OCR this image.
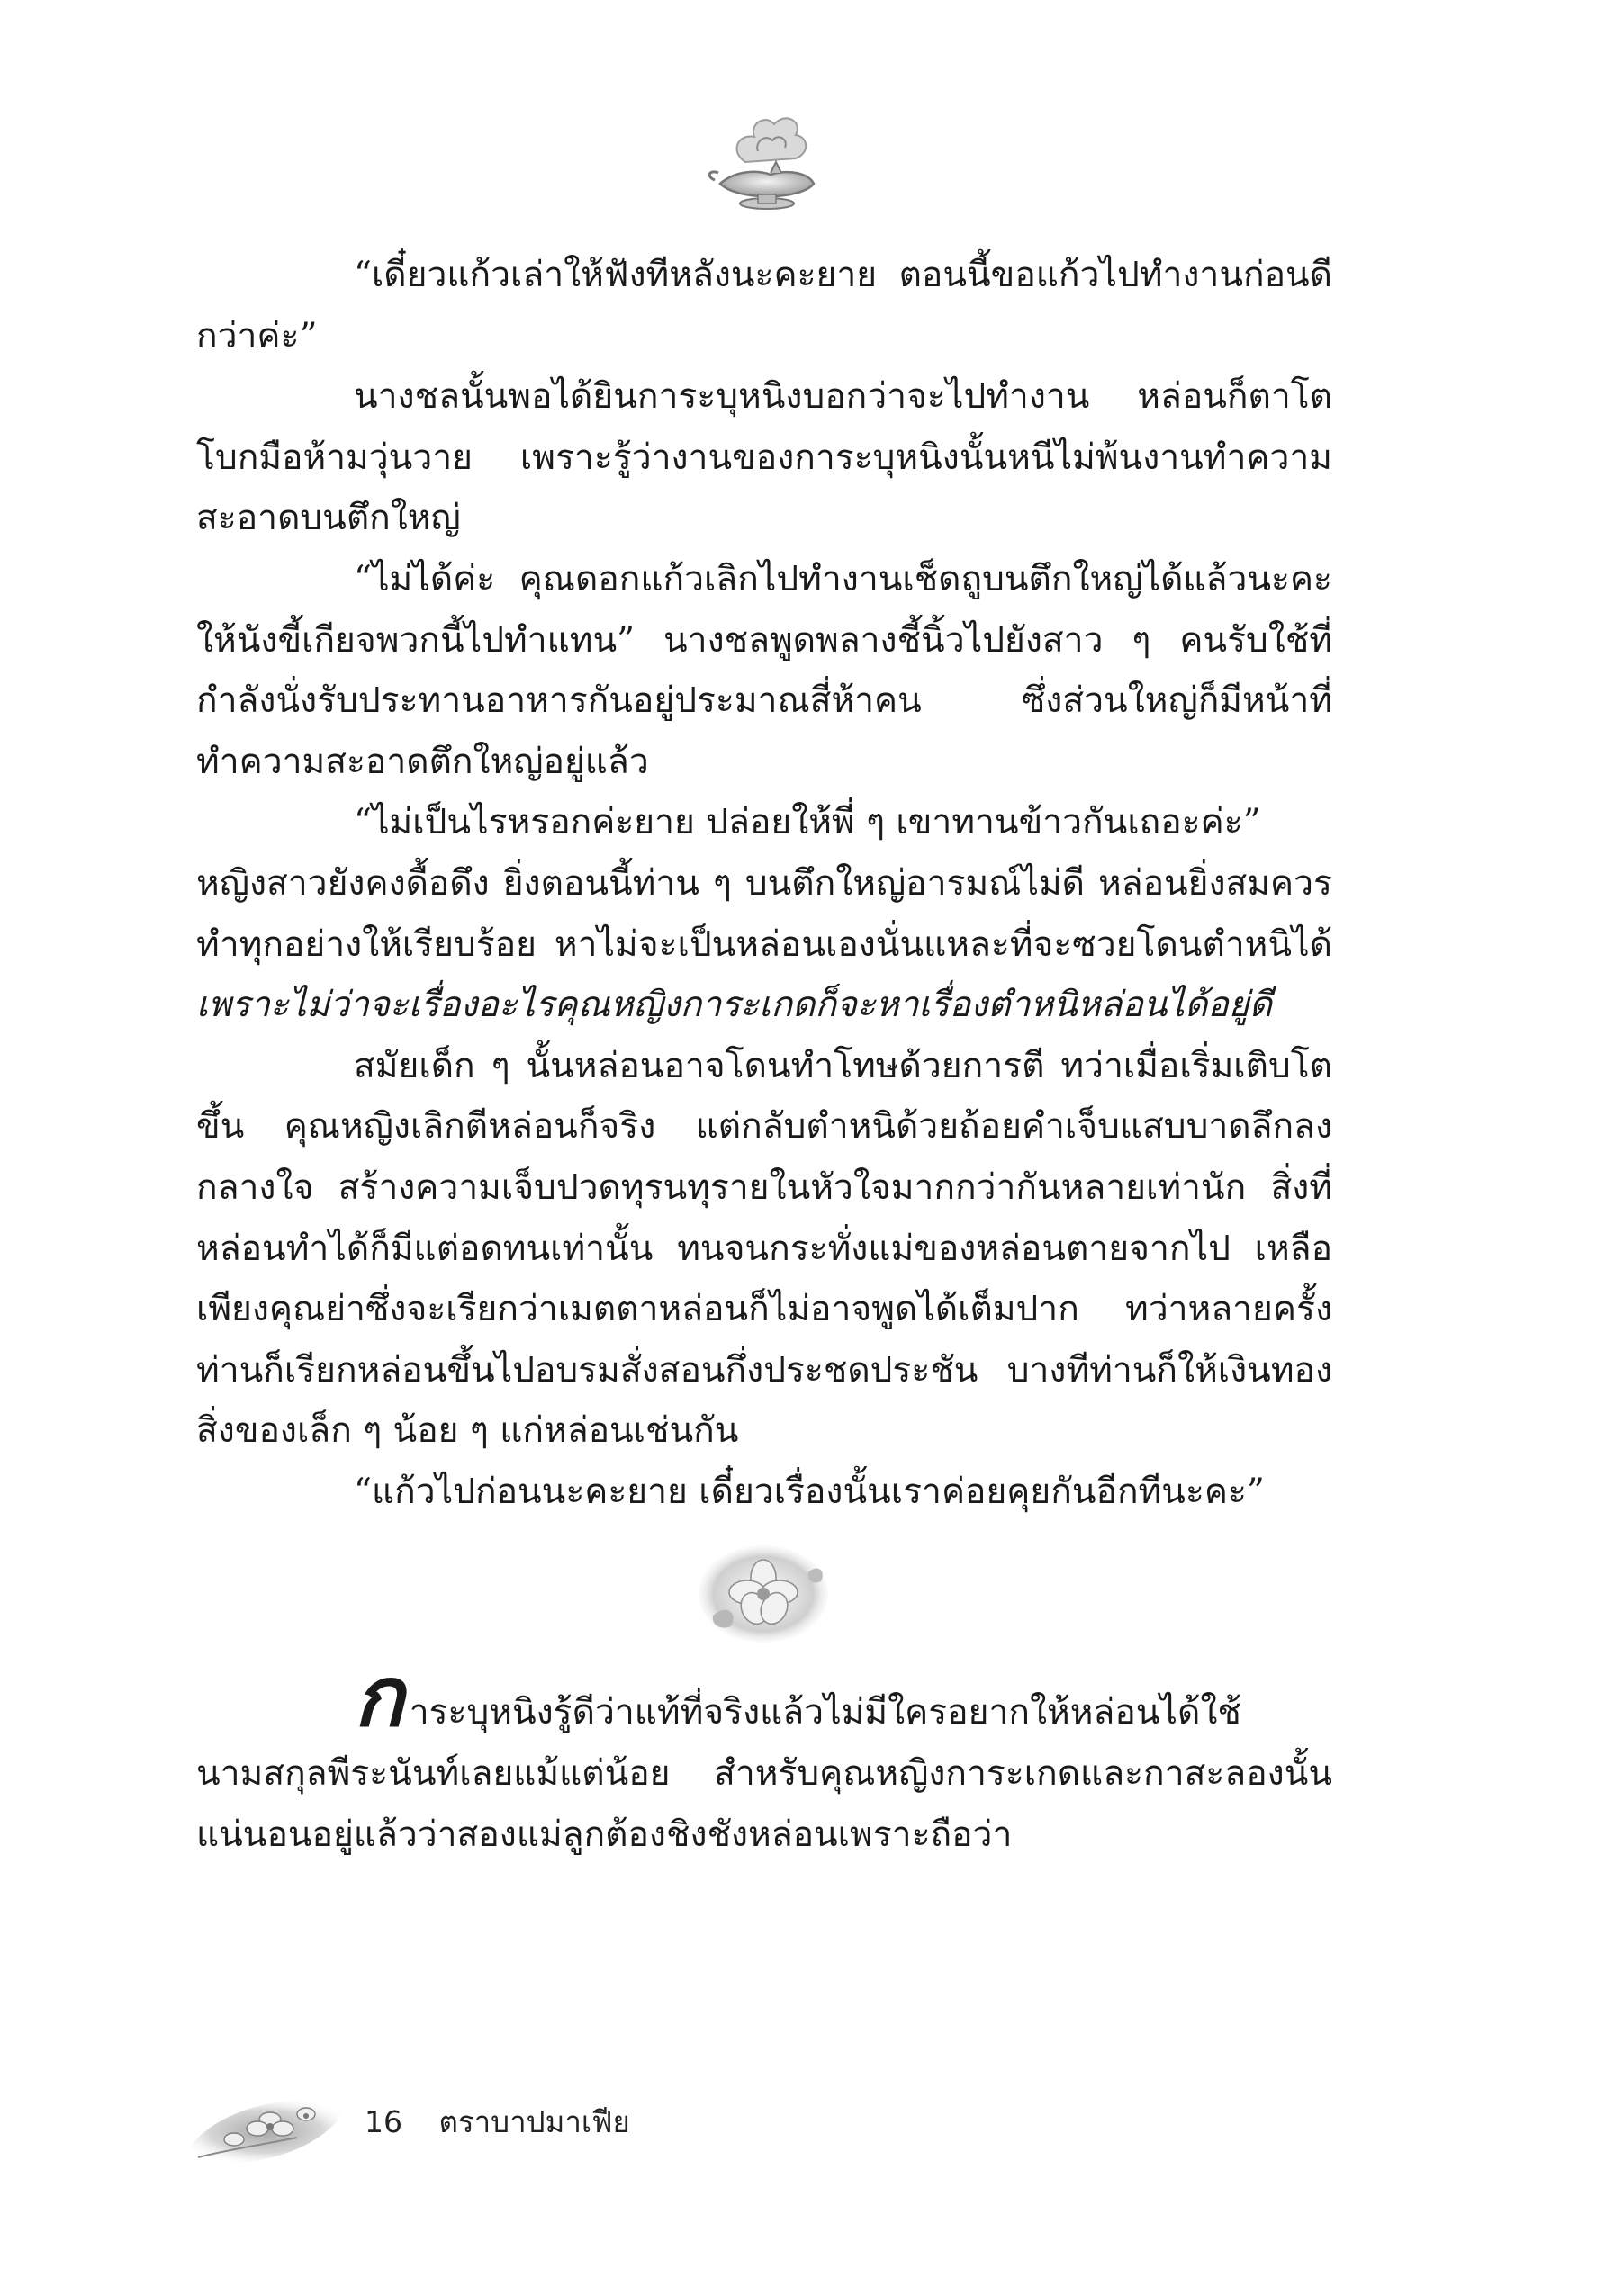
“เดี๋ยวแก้วเล่าให้ฟังทีหลังนะคะยาย ตอนนี้ขอแก้วไปทำงานก่อนดีกว่าค่ะ”

นางชลนั้นพอได้ยินการะบุหนิงบอกว่าจะไปทำงาน หล่อนก็ตาโต โบกมือห้ามวุ่นวาย เพราะรู้ว่างานของการะบุหนิงนั้นหนีไม่พ้นงานทำความสะอาดบนตึกใหญ่

“ไม่ได้ค่ะ คุณดอกแก้วเลิกไปทำงานเช็ดถูบนตึกใหญ่ได้แล้วนะคะ ให้นังขี้เกียจพวกนี้ไปทำแทน” นางชลพูดพลางชี้นิ้วไปยังสาว ๆ คนรับใช้ที่กำลังนั่งรับประทานอาหารกันอยู่ประมาณสี่ห้าคน ซึ่งส่วนใหญ่ก็มีหน้าที่ทำความสะอาดตึกใหญ่อยู่แล้ว

“ไม่เป็นไรหรอกค่ะยาย ปล่อยให้พี่ ๆ เขาทานข้าวกันเถอะค่ะ”

หญิงสาวยังคงดื้อดึง ยิ่งตอนนี้ท่าน ๆ บนตึกใหญ่อารมณ์ไม่ดี หล่อนยิ่งสมควรทำทุกอย่างให้เรียบร้อย หาไม่จะเป็นหล่อนเองนั่นแหละที่จะซวยโดนตำหนิได้ เพราะไม่ว่าจะเรื่องอะไรคุณหญิงการะเกดก็จะหาเรื่องตำหนิหล่อนได้อยู่ดี

สมัยเด็ก ๆ นั้นหล่อนอาจโดนทำโทษด้วยการตี ทว่าเมื่อเริ่มเติบโตขึ้น คุณหญิงเลิกตีหล่อนก็จริง แต่กลับตำหนิด้วยถ้อยคำเจ็บแสบบาดลึกลงกลางใจ สร้างความเจ็บปวดทุรนทุรายในหัวใจมากกว่ากันหลายเท่านัก สิ่งที่หล่อนทำได้ก็มีแต่อดทนเท่านั้น ทนจนกระทั่งแม่ของหล่อนตายจากไป เหลือเพียงคุณย่าซึ่งจะเรียกว่าเมตตาหล่อนก็ไม่อาจพูดได้เต็มปาก ทว่าหลายครั้งท่านก็เรียกหล่อนขึ้นไปอบรมสั่งสอนกึ่งประชดประชัน บางทีท่านก็ให้เงินทองสิ่งของเล็ก ๆ น้อย ๆ แก่หล่อนเช่นกัน

“แก้วไปก่อนนะคะยาย เดี๋ยวเรื่องนั้นเราค่อยคุยกันอีกทีนะคะ”

การะบุหนิงรู้ดีว่าแท้ที่จริงแล้วไม่มีใครอยากให้หล่อนได้ใช้นามสกุลพีระนันท์เลยแม้แต่น้อย สำหรับคุณหญิงการะเกดและกาสะลองนั้นแน่นอนอยู่แล้วว่าสองแม่ลูกต้องชิงชังหล่อนเพราะถือว่า

16 ตราบาปมาเฟีย
